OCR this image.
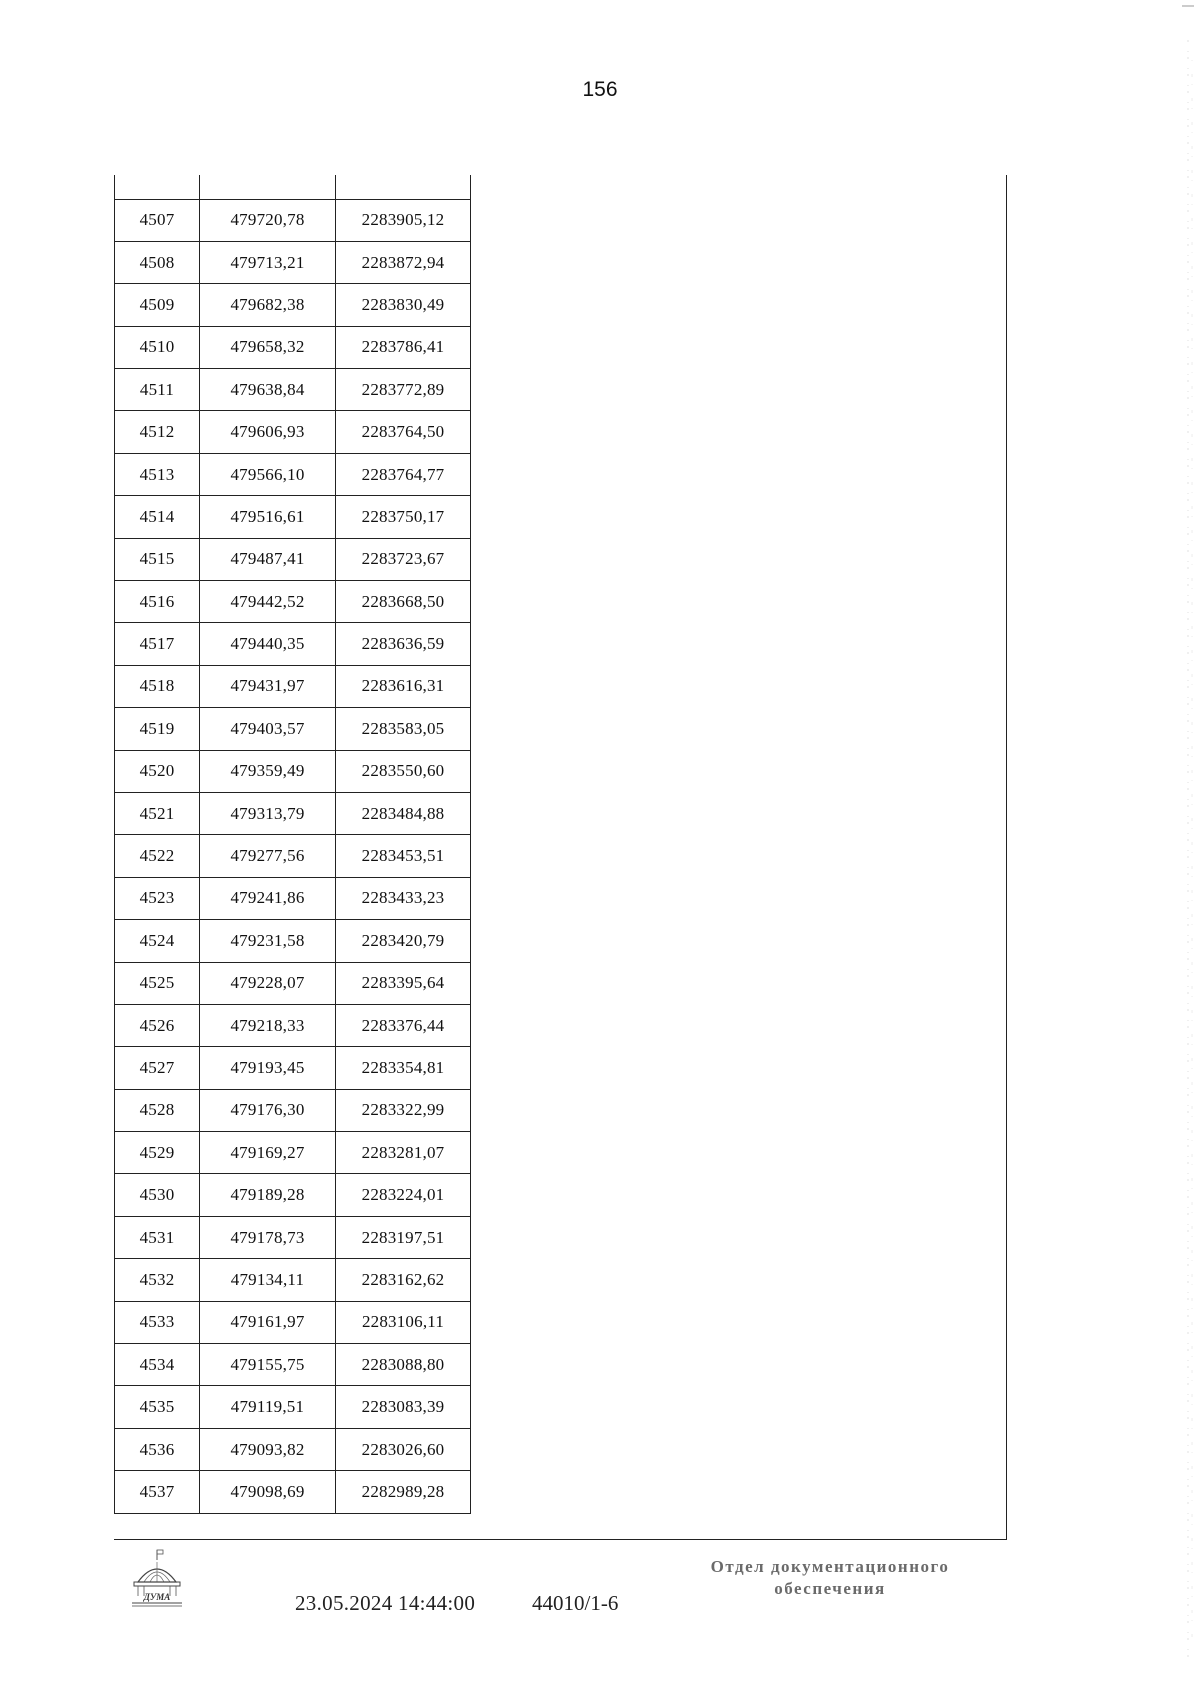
156

4507	479720,78	2283905,12
4508	479713,21	2283872,94
4509	479682,38	2283830,49
4510	479658,32	2283786,41
4511	479638,84	2283772,89
4512	479606,93	2283764,50
4513	479566,10	2283764,77
4514	479516,61	2283750,17
4515	479487,41	2283723,67
4516	479442,52	2283668,50
4517	479440,35	2283636,59
4518	479431,97	2283616,31
4519	479403,57	2283583,05
4520	479359,49	2283550,60
4521	479313,79	2283484,88
4522	479277,56	2283453,51
4523	479241,86	2283433,23
4524	479231,58	2283420,79
4525	479228,07	2283395,64
4526	479218,33	2283376,44
4527	479193,45	2283354,81
4528	479176,30	2283322,99
4529	479169,27	2283281,07
4530	479189,28	2283224,01
4531	479178,73	2283197,51
4532	479134,11	2283162,62
4533	479161,97	2283106,11
4534	479155,75	2283088,80
4535	479119,51	2283083,39
4536	479093,82	2283026,60
4537	479098,69	2282989,28
ДУМА	23.05.2024 14:44:00	44010/1-6
Отдел документационного
обеспечения
